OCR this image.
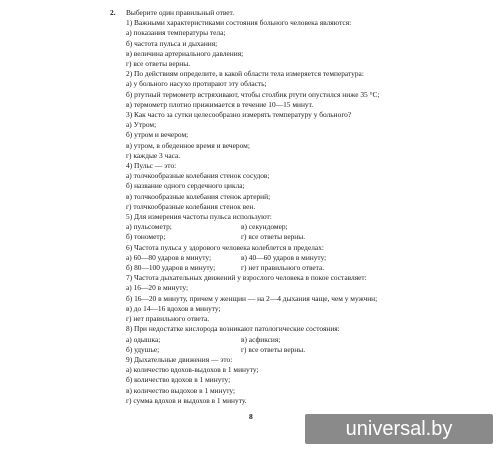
2. Выберите один правильный ответ.
1) Важными характеристиками состояния больного человека являются:
а) показания температуры тела;
б) частота пульса и дыхания;
в) величина артериального давления;
г) все ответы верны.
2) По действиям определите, в какой области тела измеряется температура:
а) у больного насухо протирают эту область;
б) ртутный термометр встряхивают, чтобы столбик ртути опустился ниже 35 °С;
в) термометр плотно прижимается в течение 10—15 минут.
3) Как часто за сутки целесообразно измерять температуру у больного?
а) Утром;
б) утром и вечером;
в) утром, в обеденное время и вечером;
г) каждые 3 часа.
4) Пульс — это:
а) толчкообразные колебания стенок сосудов;
б) название одного сердечного цикла;
в) толчкообразные колебания стенок артерий;
г) толчкообразные колебания стенок вен.
5) Для измерения частоты пульса используют:
а) пульсометр;	в) секундомер;
б) тонометр;	г) все ответы верны.
6) Частота пульса у здорового человека колеблется в пределах:
а) 60—80 ударов в минуту;	в) 40—60 ударов в минуту;
б) 80—100 ударов в минуту;	г) нет правильного ответа.
7) Частота дыхательных движений у взрослого человека в покое составляет:
а) 16—20 в минуту;
б) 16—20 в минуту, причем у женщин — на 2—4 дыхания чаще, чем у мужчин;
в) до 14—16 вдохов в минуту;
г) нет правильного ответа.
8) При недостатке кислорода возникают патологические состояния:
а) одышка;	в) асфиксия;
б) удушье;	г) все ответы верны.
9) Дыхательные движения — это:
а) количество вдохов-выдохов в 1 минуту;
б) количество вдохов в 1 минуту;
в) количество выдохов в 1 минуту;
г) сумма вдохов и выдохов в 1 минуту.
8
universal.by
